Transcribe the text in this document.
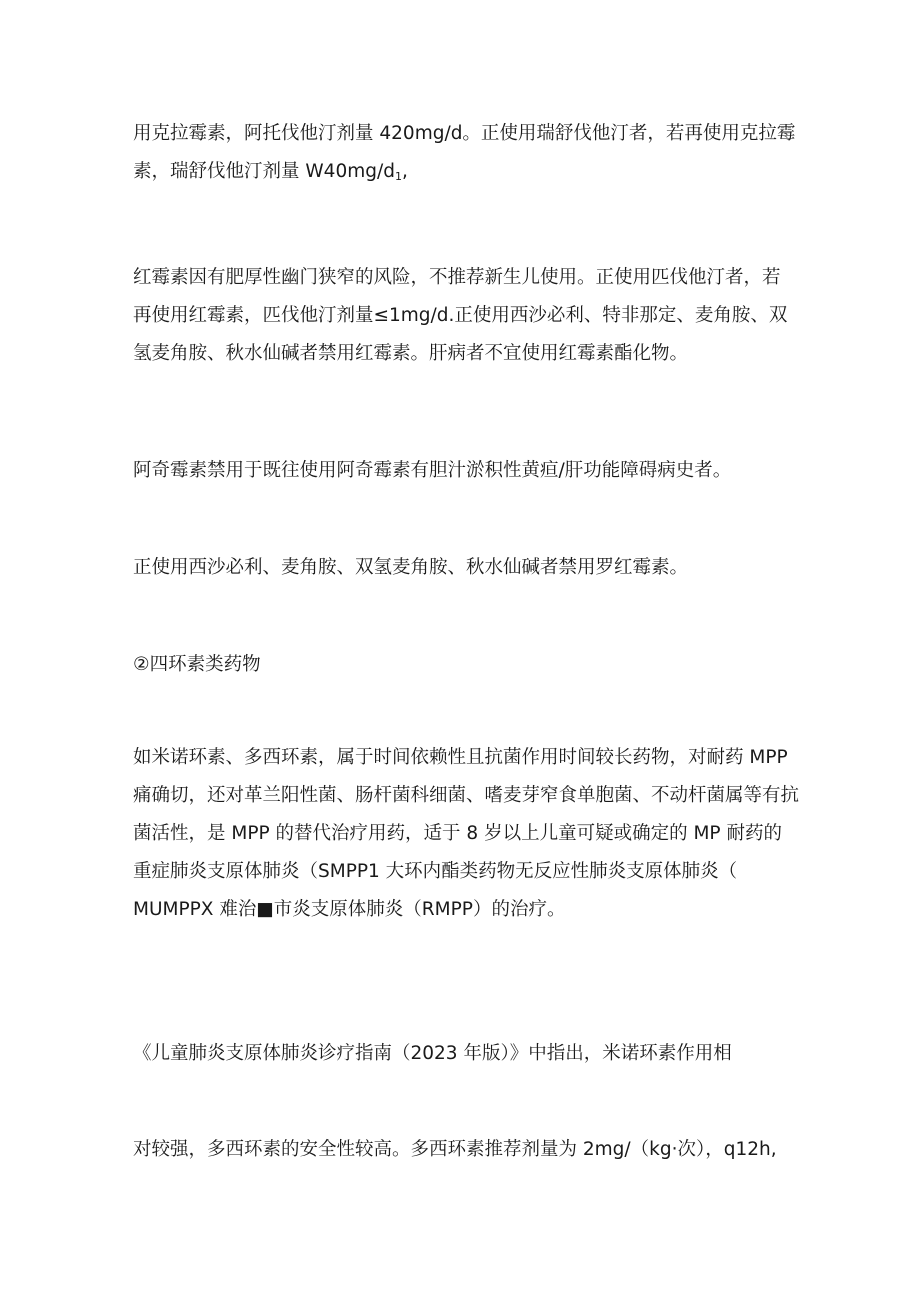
用克拉霉素，阿托伐他汀剂量 420mg/d。正使用瑞舒伐他汀者，若再使用克拉霉
素，瑞舒伐他汀剂量 $W40mg/d_1$,

红霉素因有肥厚性幽门狭窄的风险，不推荐新生儿使用。正使用匹伐他汀者，若
再使用红霉素，匹伐他汀剂量≤1mg/d.正使用西沙必利、特非那定、麦角胺、双
氢麦角胺、秋水仙碱者禁用红霉素。肝病者不宜使用红霉素酯化物。

阿奇霉素禁用于既往使用阿奇霉素有胆汁淤积性黄疸/肝功能障碍病史者。

正使用西沙必利、麦角胺、双氢麦角胺、秋水仙碱者禁用罗红霉素。

②四环素类药物

如米诺环素、多西环素，属于时间依赖性且抗菌作用时间较长药物，对耐药 MPP
痛确切，还对革兰阳性菌、肠杆菌科细菌、嗜麦芽窄食单胞菌、不动杆菌属等有抗
菌活性，是 MPP 的替代治疗用药，适于 8 岁以上儿童可疑或确定的 MP 耐药的
重症肺炎支原体肺炎（SMPP1 大环内酯类药物无反应性肺炎支原体肺炎（
MUMPPX 难治■市炎支原体肺炎（RMPP）的治疗。

《儿童肺炎支原体肺炎诊疗指南（2023 年版）》中指出，米诺环素作用相

对较强，多西环素的安全性较高。多西环素推荐剂量为 2mg/（kg·次），q12h,
